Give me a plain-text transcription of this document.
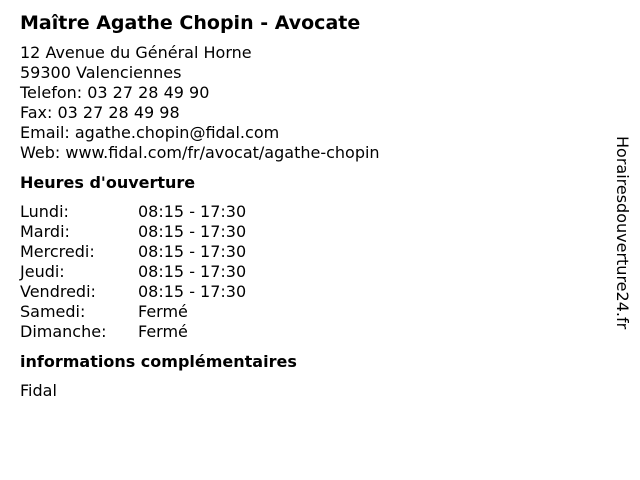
Maître Agathe Chopin - Avocate
12 Avenue du Général Horne
59300 Valenciennes
Telefon: 03 27 28 49 90
Fax: 03 27 28 49 98
Email: agathe.chopin@fidal.com
Web: www.fidal.com/fr/avocat/agathe-chopin
Heures d'ouverture
Lundi:	08:15 - 17:30
Mardi:	08:15 - 17:30
Mercredi:	08:15 - 17:30
Jeudi:	08:15 - 17:30
Vendredi:	08:15 - 17:30
Samedi:	Fermé
Dimanche: Fermé
informations complémentaires
Fidal
Horairesdouverture24.fr
